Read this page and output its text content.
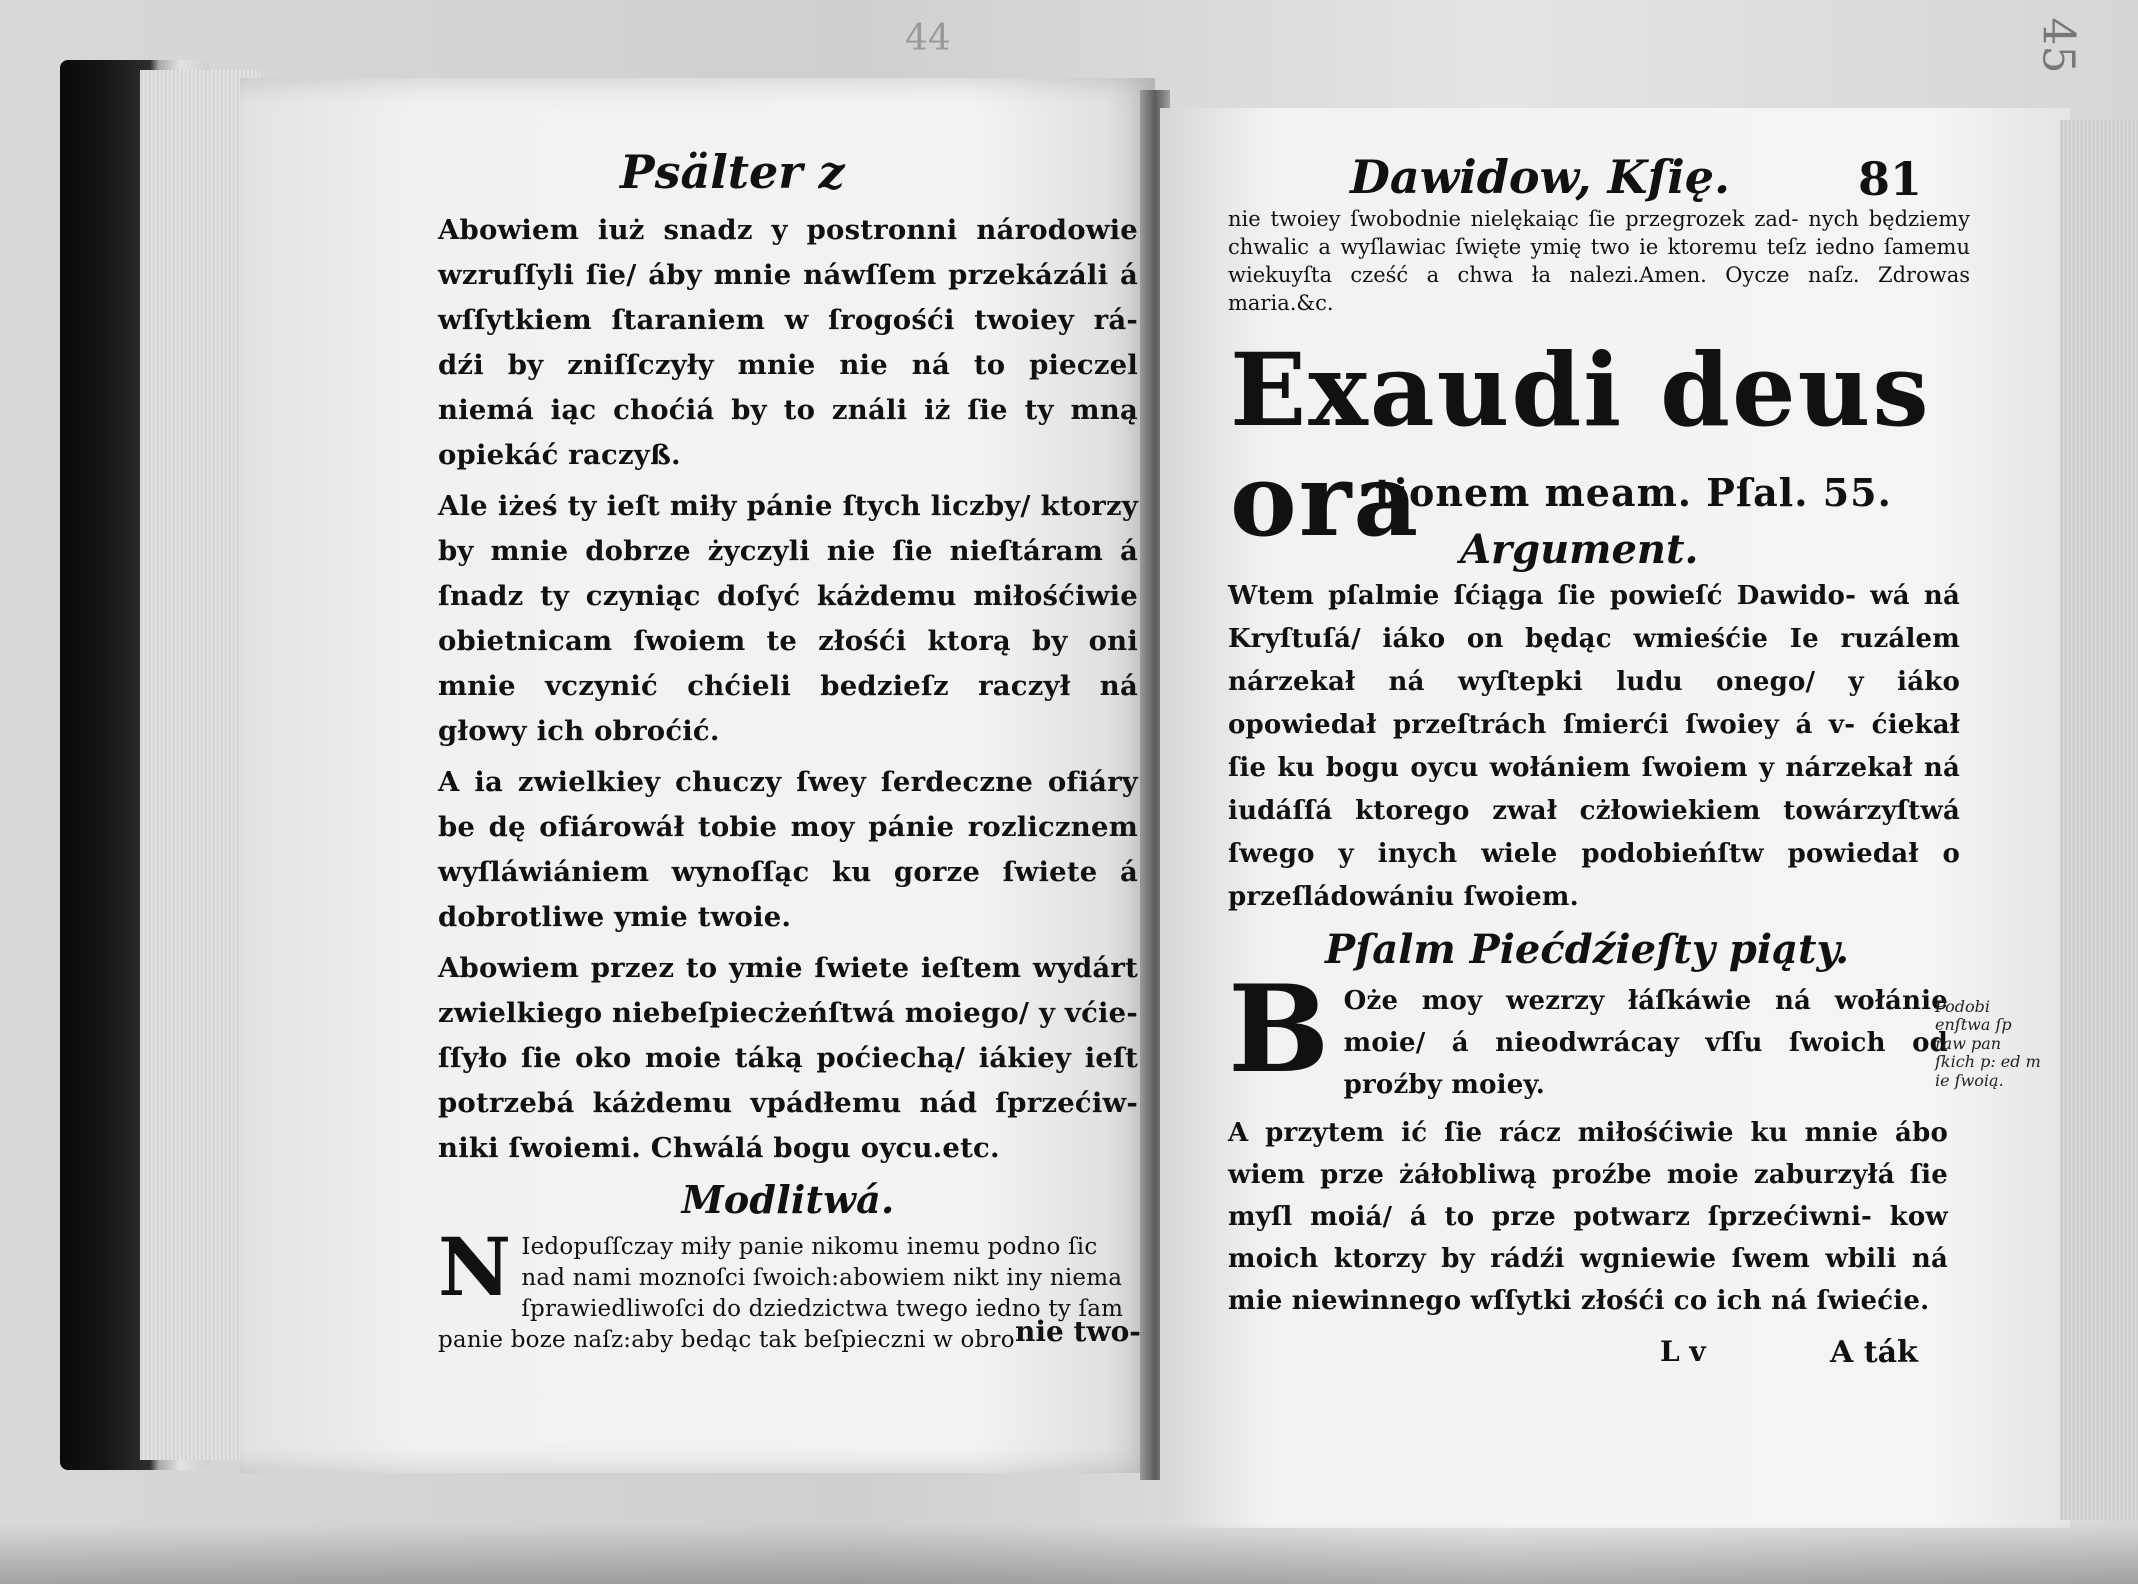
45
44
Psälter z

Abowiem iuż snadz y postronni národowie wzruſſyli ſie/ áby mnie náwſſem przekázáli á wſſytkiem ſtaraniem w ſrogośći twoiey rá- dźi by zniſſczyły mnie nie ná to pieczel niemá iąc choćiá by to ználi iż ſie ty mną opiekáć raczyß.

Ale iżeś ty ieſt miły pánie ſtych liczby/ ktorzy by mnie dobrze życzyli nie ſie nieſtáram á ſnadz ty czyniąc doſyć káżdemu miłośćiwie obietnicam ſwoiem te złośći ktorą by oni mnie vczynić chćieli bedzieſz raczył ná głowy ich obroćić.

A ia zwielkiey chuczy ſwey ſerdeczne ofiáry be dę ofiárowáł tobie moy pánie rozlicznem wyſláwiániem wynoſſąc ku gorze ſwiete á dobrotliwe ymie twoie.

Abowiem przez to ymie ſwiete ieſtem wydárt zwielkiego niebeſpiecżeńſtwá moiego/ y vćie- ſſyło ſie oko moie táką poćiechą/ iákiey ieſt potrzebá káżdemu vpádłemu nád ſprzećiw- niki ſwoiemi. Chwálá bogu oycu.etc.

Modlitwá.
N Iedopuſſczay miły panie nikomu inemu podno ſic nad nami moznoſci ſwoich:abowiem nikt iny niema ſprawiedliwoſci do dziedzictwa twego iedno ty ſam panie boze naſz:aby bedąc tak beſpieczni w obro nie two-
Dawidow, Kſię.	81
nie twoiey ſwobodnie nielękaiąc ſie przegrozek zad- nych będziemy chwalic a wyſlawiac ſwięte ymię two ie ktoremu teſz iedno ſamemu wiekuyſta cześć a chwa ła nalezi.Amen. Oycze naſz. Zdrowas maria.&c.
Exaudi deus ora
tionem meam. Pſal. 55.
Argument.
Wtem pſalmie ſćiąga ſie powieſć Dawido- wá ná Kryſtuſá/ iáko on będąc wmieśćie Ie ruzálem nárzekał ná wyſtepki ludu onego/ y iáko opowiedał przeſtrách ſmierći ſwoiey á v- ćiekał ſie ku bogu oycu wołániem ſwoiem y nárzekał ná iudáſſá ktorego zwał cżłowiekiem towárzyſtwá ſwego y inych wiele podobieńſtw powiedał o przeſládowániu ſwoiem.
Pſalm Piećdźieſty piąty.
B Oże moy wezrzy łáſkáwie ná wołánie moie/ á nieodwrácay vſſu ſwoich od proźby moiey.

A przytem ić ſie rácz miłośćiwie ku mnie ábo wiem prze żáłobliwą proźbe moie zaburzyłá ſie myſl moiá/ á to prze potwarz ſprzećiwni- kow moich ktorzy by rádźi wgniewie ſwem wbili ná mie niewinnego wſſytki złośći co ich ná ſwiećie.

L v	A ták
Podobi enſtwa ſp raw pan ſkich p: ed m ie ſwoią.
